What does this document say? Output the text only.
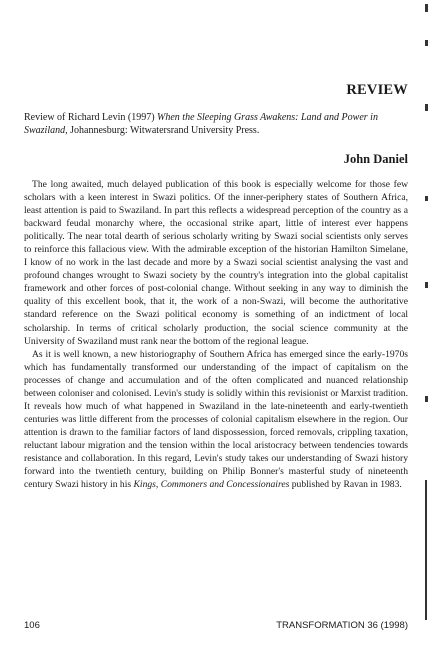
REVIEW
Review of Richard Levin (1997) When the Sleeping Grass Awakens: Land and Power in Swaziland, Johannesburg: Witwatersrand University Press.
John Daniel

The long awaited, much delayed publication of this book is especially welcome for those few scholars with a keen interest in Swazi politics. Of the inner-periphery states of Southern Africa, least attention is paid to Swaziland. In part this reflects a widespread perception of the country as a backward feudal monarchy where, the occasional strike apart, little of interest ever happens politically. The near total dearth of serious scholarly writing by Swazi social scientists only serves to reinforce this fallacious view. With the admirable exception of the historian Hamilton Simelane, I know of no work in the last decade and more by a Swazi social scientist analysing the vast and profound changes wrought to Swazi society by the country's integration into the global capitalist framework and other forces of post-colonial change. Without seeking in any way to diminish the quality of this excellent book, that it, the work of a non-Swazi, will become the authoritative standard reference on the Swazi political economy is something of an indictment of local scholarship. In terms of critical scholarly production, the social science community at the University of Swaziland must rank near the bottom of the regional league.

As it is well known, a new historiography of Southern Africa has emerged since the early-1970s which has fundamentally transformed our understanding of the impact of capitalism on the processes of change and accumulation and of the often complicated and nuanced relationship between coloniser and colonised. Levin's study is solidly within this revisionist or Marxist tradition. It reveals how much of what happened in Swaziland in the late-nineteenth and early-twentieth centuries was little different from the processes of colonial capitalism elsewhere in the region. Our attention is drawn to the familiar factors of land dispossession, forced removals, crippling taxation, reluctant labour migration and the tension within the local aristocracy between tendencies towards resistance and collaboration. In this regard, Levin's study takes our understanding of Swazi history forward into the twentieth century, building on Philip Bonner's masterful study of nineteenth century Swazi history in his Kings, Commoners and Concessionaires published by Ravan in 1983.

106	TRANSFORMATION 36 (1998)
